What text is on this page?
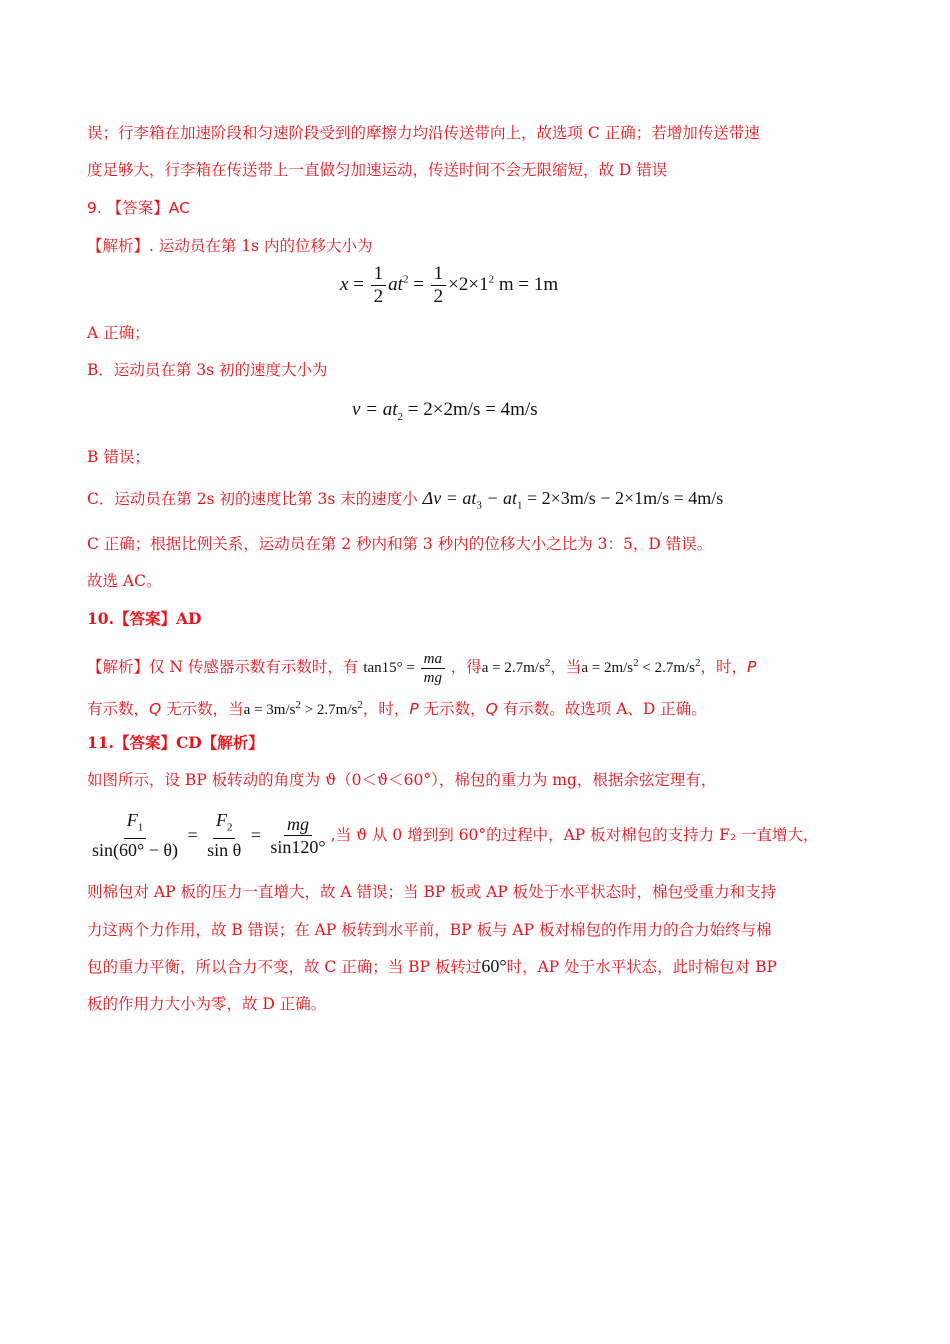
误；行李箱在加速阶段和匀速阶段受到的摩擦力均沿传送带向上，故选项 C 正确；若增加传送带速
度足够大，行李箱在传送带上一直做匀加速运动，传送时间不会无限缩短，故 D 错误
9. 【答案】AC
【解析】. 运动员在第 1s 内的位移大小为
$x = \frac{1}{2} at^2 = \frac{1}{2} \times 2\times 1^2$ m = 1m
A 正确；
B．运动员在第 3s 初的速度大小为
$v = at_2 = 2\times 2m/s = 4m/s$
B 错误；
C．运动员在第 2s 初的速度比第 3s 末的速度小 $\Delta v = at_3 - at_1 = 2\times 3m/s - 2\times 1m/s = 4m/s$
C 正确；根据比例关系，运动员在第 2 秒内和第 3 秒内的位移大小之比为 3：5，D 错误。
故选 AC。
10.【答案】AD
【解析】仅 N 传感器示数有示数时，有 $\tan 15^\circ = \frac{ma}{mg}$ ，得$a = 2.7m/s^2$，当$a = 2m/s^2 < 2.7m/s^2$，时，P
有示数，Q 无示数，当$a = 3m/s^2 > 2.7m/s^2$，时，P 无示数，Q 有示数。故选项 A、D 正确。
11.【答案】CD【解析】
如图所示，设 BP 板转动的角度为 ϑ（0＜ϑ＜60°），棉包的重力为 mg，根据余弦定理有，
$\frac{F_1}{\sin(60^\circ - \theta)} = \frac{F_2}{\text{sin θ}} = \frac{mg}{\sin 120^\circ}$ ,当 ϑ 从 0 增到到 60°的过程中，AP 板对棉包的支持力 F₂ 一直增大，
则棉包对 AP 板的压力一直增大，故 A 错误；当 BP 板或 AP 板处于水平状态时，棉包受重力和支持
力这两个力作用，故 B 错误；在 AP 板转到水平前，BP 板与 AP 板对棉包的作用力的合力始终与棉
包的重力平衡，所以合力不变，故 C 正确；当 BP 板转过60°时，AP 处于水平状态，此时棉包对 BP
板的作用力大小为零，故 D 正确。
